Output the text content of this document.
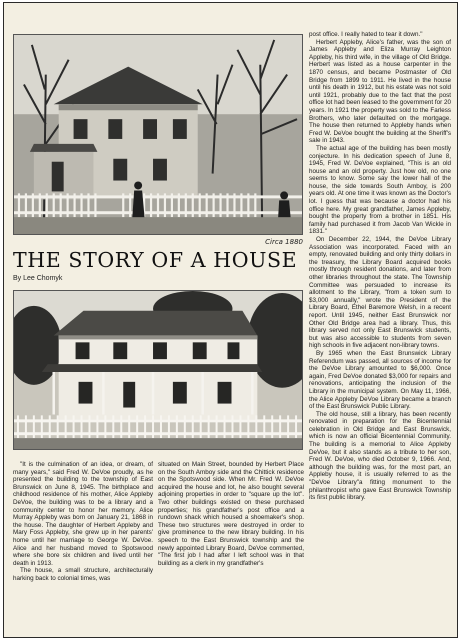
Circa 1880
THE STORY OF A HOUSE
By Lee Chomyk

post office. I really hated to tear it down."

Herbert Appleby, Alice's father, was the son of James Appleby and Eliza Murray Leighton Appleby, his third wife, in the village of Old Bridge. Herbert was listed as a house carpenter in the 1870 census, and became Postmaster of Old Bridge from 1899 to 1911. He lived in the house until his death in 1912, but his estate was not sold until 1921, probably due to the fact that the post office lot had been leased to the government for 20 years. In 1921 the property was sold to the Farless Brothers, who later defaulted on the mortgage. The house then returned to Appleby hands when Fred W. DeVoe bought the building at the Sheriff's sale in 1943.

The actual age of the building has been mostly conjecture. In his dedication speech of June 8, 1945, Fred W. DeVoe explained, "This is an old house and an old property. Just how old, no one seems to know. Some say the lower hall of the house, the side towards South Amboy, is 200 years old. At one time it was known as the Doctor's lot. I guess that was because a doctor had his office here. My great grandfather, James Appleby, bought the property from a brother in 1851. His family had purchased it from Jacob Van Wickle in 1831."

On December 22, 1944, the DeVoe Library Association was incorporated. Faced with an empty, renovated building and only thirty dollars in the treasury, the Library Board acquired books mostly through resident donations, and later from other libraries throughout the state. The Township Committee was persuaded to increase its allotment to the Library, "from a token sum to $3,000 annually," wrote the President of the Library Board, Ethel Baremore Welsh, in a recent report. Until 1945, neither East Brunswick nor Other Old Bridge area had a library. Thus, this library served not only East Brunswick students, but was also accessible to students from seven high schools in five adjacent non-library towns.

By 1965 when the East Brunswick Library Referendum was passed, all sources of income for the DeVoe Library amounted to $6,000. Once again, Fred DeVoe donated $3,000 for repairs and renovations, anticipating the inclusion of the Library in the municipal system. On May 11, 1966, the Alice Appleby DeVoe Library became a branch of the East Brunswick Public Library.

The old house, still a library, has been recently renovated in preparation for the Bicentennial celebration in Old Bridge and East Brunswick, which is now an official Bicentennial Community. The building is a memorial to Alice Appleby DeVoe, but it also stands as a tribute to her son, Fred W. DeVoe, who died October 9, 1966. And, although the building was, for the most part, an Appleby house, it is usually referred to as the "DeVoe Library"a fitting monument to the philanthropist who gave East Brunswick Township its first public library.

"It is the culmination of an idea, or dream, of many years," said Fred W. DeVoe proudly, as he presented the building to the township of East Brunswick on June 8, 1945. The birthplace and childhood residence of his mother, Alice Appleby DeVoe, the building was to be a library and a community center to honor her memory. Alice Murray Appleby was born on January 21, 1868 in the house. The daughter of Herbert Appleby and Mary Foss Appleby, she grew up in her parents' home until her marriage to George W. DeVoe. Alice and her husband moved to Spotswood where she bore six children and lived until her death in 1913.

The house, a small structure, architecturally harking back to colonial times, was

situated on Main Street, bounded by Herbert Place on the South Amboy side and the Chittick residence on the Spotswood side. When Mr. Fred W. DeVoe acquired the house and lot, he also bought several adjoining properties in order to "square up the lot". Two other buildings existed on these purchased properties; his grandfather's post office and a rundown shack which housed a shoemaker's shop. These two structures were destroyed in order to give prominence to the new library building. In his speech to the East Brunswick township and the newly appointed Library Board, DeVoe commented, "The first job I had after I left school was in that building as a clerk in my grandfather's
